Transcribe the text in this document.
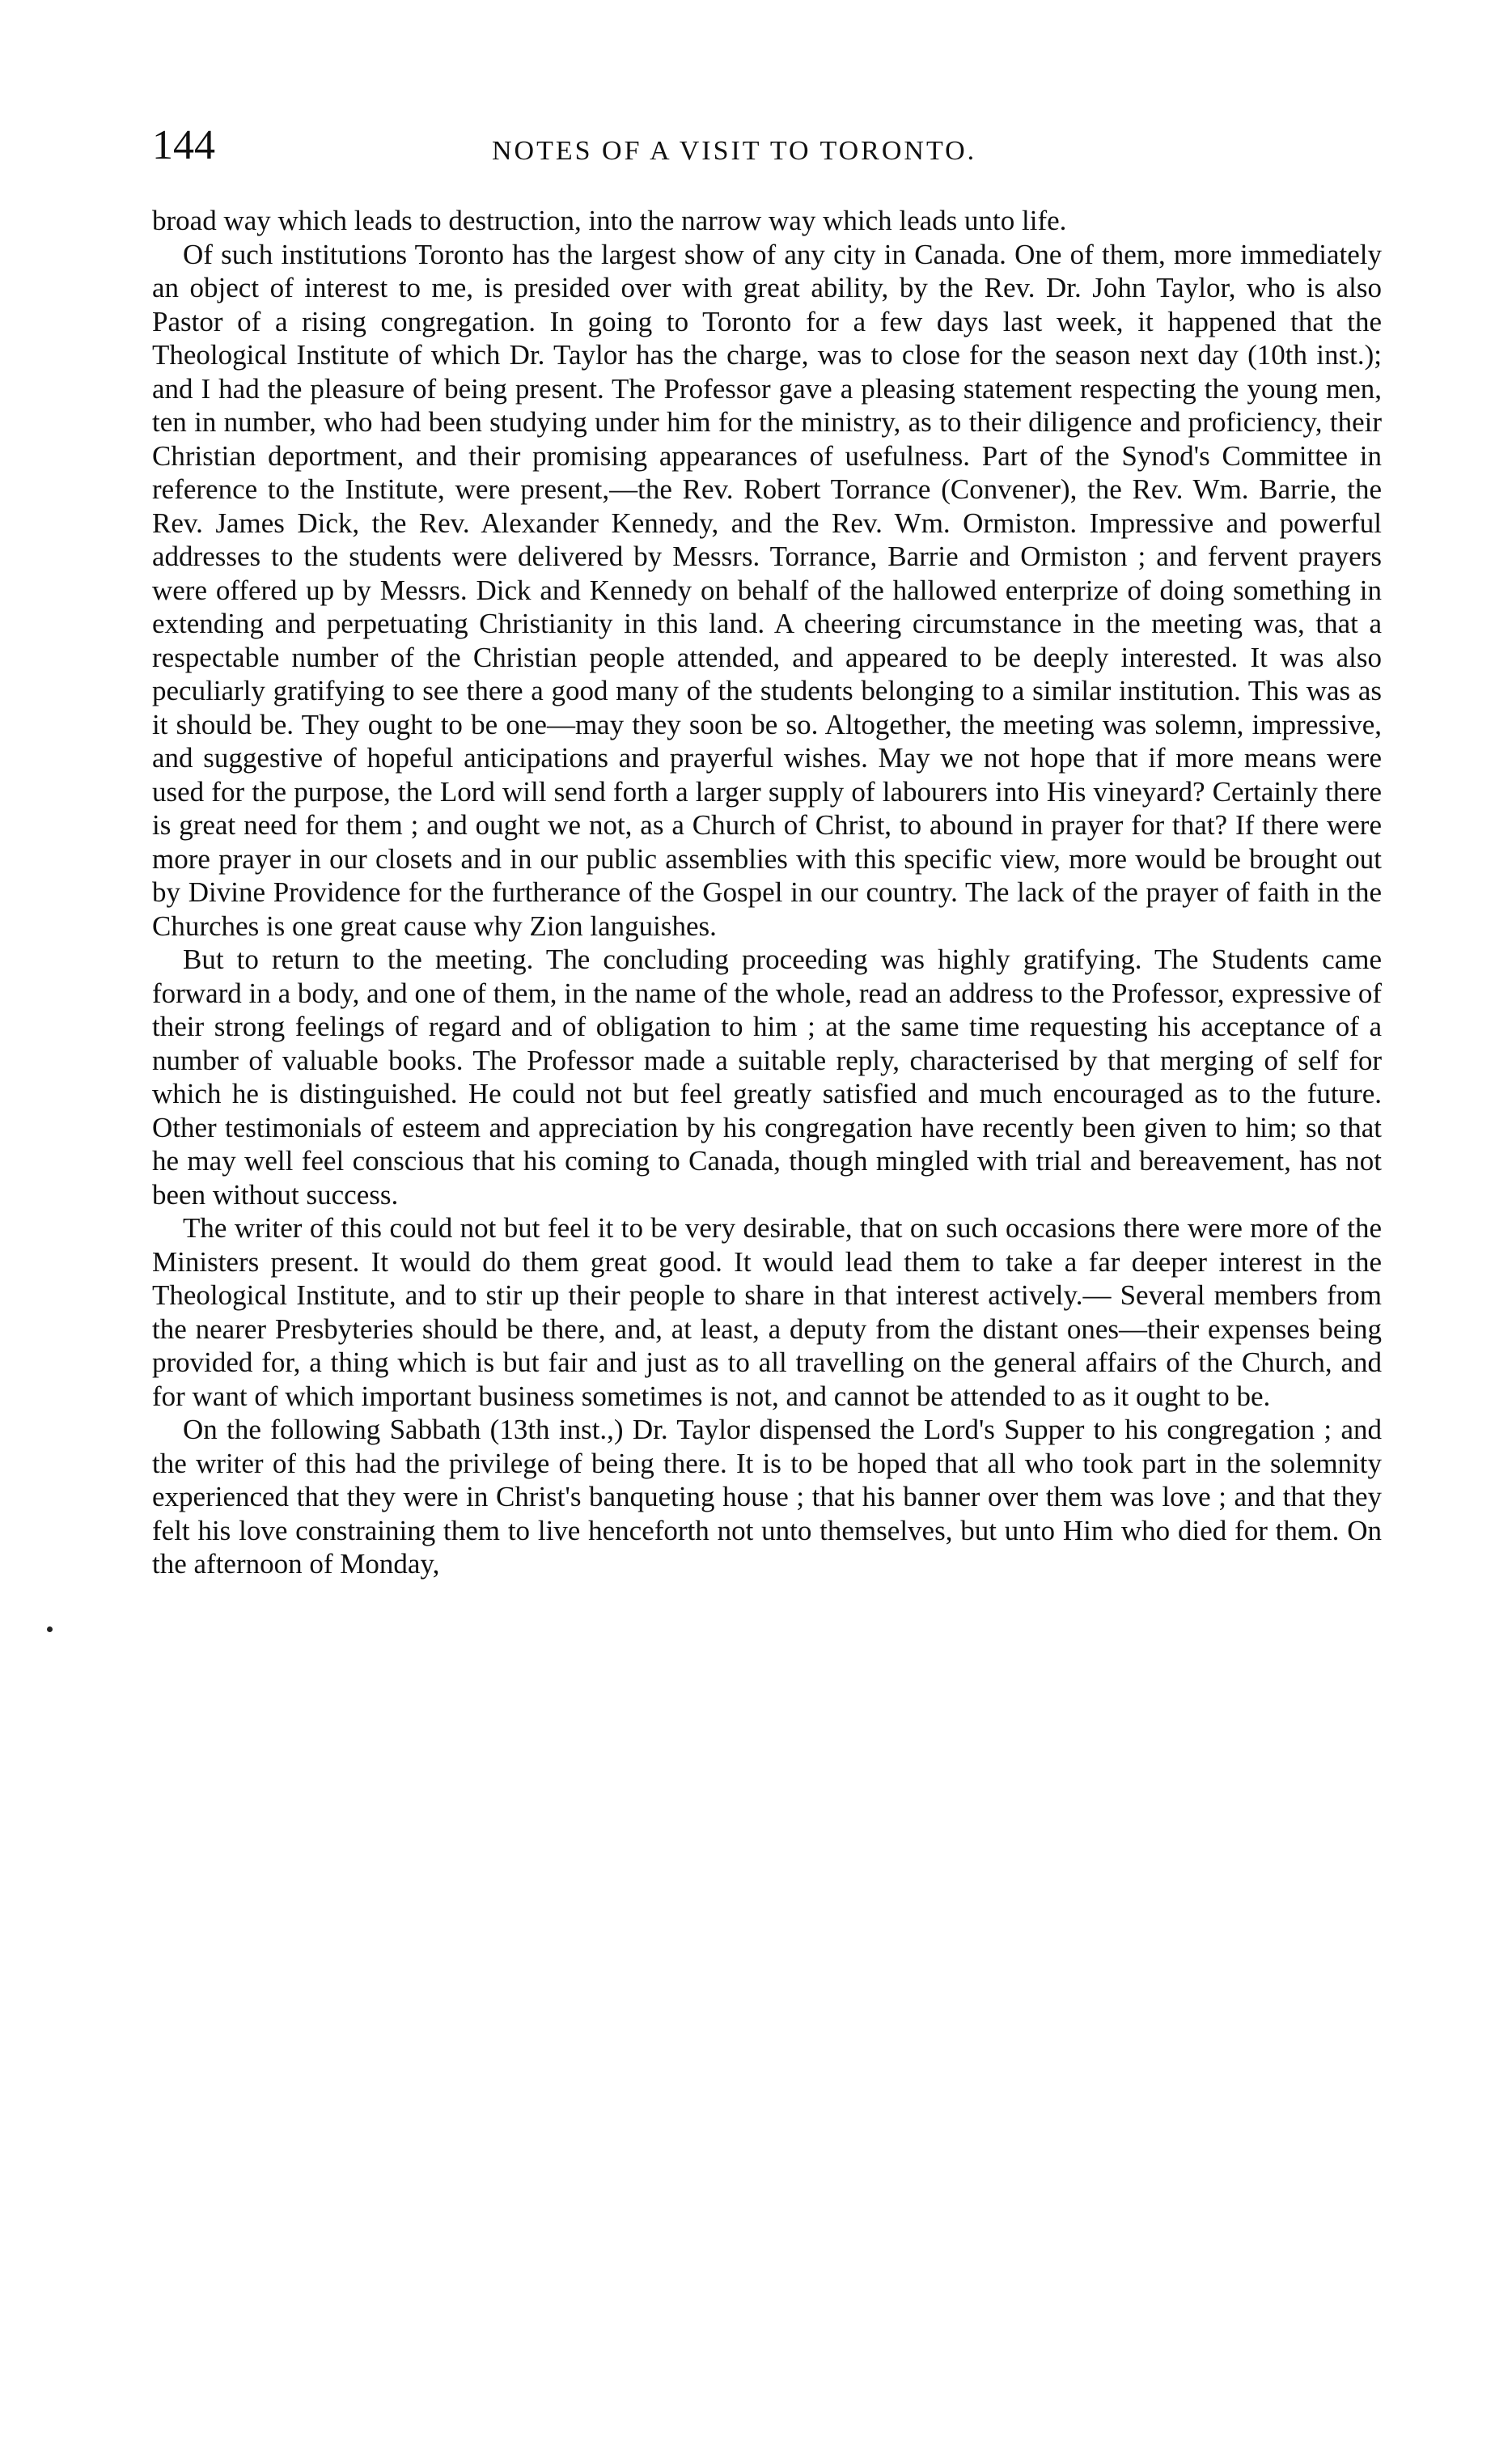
144	NOTES OF A VISIT TO TORONTO.

broad way which leads to destruction, into the narrow way which leads unto life.

Of such institutions Toronto has the largest show of any city in Canada. One of them, more immediately an object of interest to me, is presided over with great ability, by the Rev. Dr. John Taylor, who is also Pastor of a rising congregation. In going to Toronto for a few days last week, it happened that the Theological Institute of which Dr. Taylor has the charge, was to close for the season next day (10th inst.); and I had the pleasure of being present. The Professor gave a pleasing statement respecting the young men, ten in number, who had been studying under him for the ministry, as to their diligence and proficiency, their Christian deportment, and their promising appearances of usefulness. Part of the Synod's Committee in reference to the Institute, were present,—the Rev. Robert Torrance (Convener), the Rev. Wm. Barrie, the Rev. James Dick, the Rev. Alexander Kennedy, and the Rev. Wm. Ormiston. Impressive and powerful addresses to the students were delivered by Messrs. Torrance, Barrie and Ormiston ; and fervent prayers were offered up by Messrs. Dick and Kennedy on behalf of the hallowed enterprize of doing something in extending and perpetuating Christianity in this land. A cheering circumstance in the meeting was, that a respectable number of the Christian people attended, and appeared to be deeply interested. It was also peculiarly gratifying to see there a good many of the students belonging to a similar institution. This was as it should be. They ought to be one—may they soon be so. Altogether, the meeting was solemn, impressive, and suggestive of hopeful anticipations and prayerful wishes. May we not hope that if more means were used for the purpose, the Lord will send forth a larger supply of labourers into His vineyard? Certainly there is great need for them ; and ought we not, as a Church of Christ, to abound in prayer for that? If there were more prayer in our closets and in our public assemblies with this specific view, more would be brought out by Divine Providence for the furtherance of the Gospel in our country. The lack of the prayer of faith in the Churches is one great cause why Zion languishes.

But to return to the meeting. The concluding proceeding was highly gratifying. The Students came forward in a body, and one of them, in the name of the whole, read an address to the Professor, expressive of their strong feelings of regard and of obligation to him ; at the same time requesting his acceptance of a number of valuable books. The Professor made a suitable reply, characterised by that merging of self for which he is distinguished. He could not but feel greatly satisfied and much encouraged as to the future. Other testimonials of esteem and appreciation by his congregation have recently been given to him; so that he may well feel conscious that his coming to Canada, though mingled with trial and bereavement, has not been without success.

The writer of this could not but feel it to be very desirable, that on such occasions there were more of the Ministers present. It would do them great good. It would lead them to take a far deeper interest in the Theological Institute, and to stir up their people to share in that interest actively.— Several members from the nearer Presbyteries should be there, and, at least, a deputy from the distant ones—their expenses being provided for, a thing which is but fair and just as to all travelling on the general affairs of the Church, and for want of which important business sometimes is not, and cannot be attended to as it ought to be.

On the following Sabbath (13th inst.,) Dr. Taylor dispensed the Lord's Supper to his congregation ; and the writer of this had the privilege of being there. It is to be hoped that all who took part in the solemnity experienced that they were in Christ's banqueting house ; that his banner over them was love ; and that they felt his love constraining them to live henceforth not unto themselves, but unto Him who died for them. On the afternoon of Monday,
